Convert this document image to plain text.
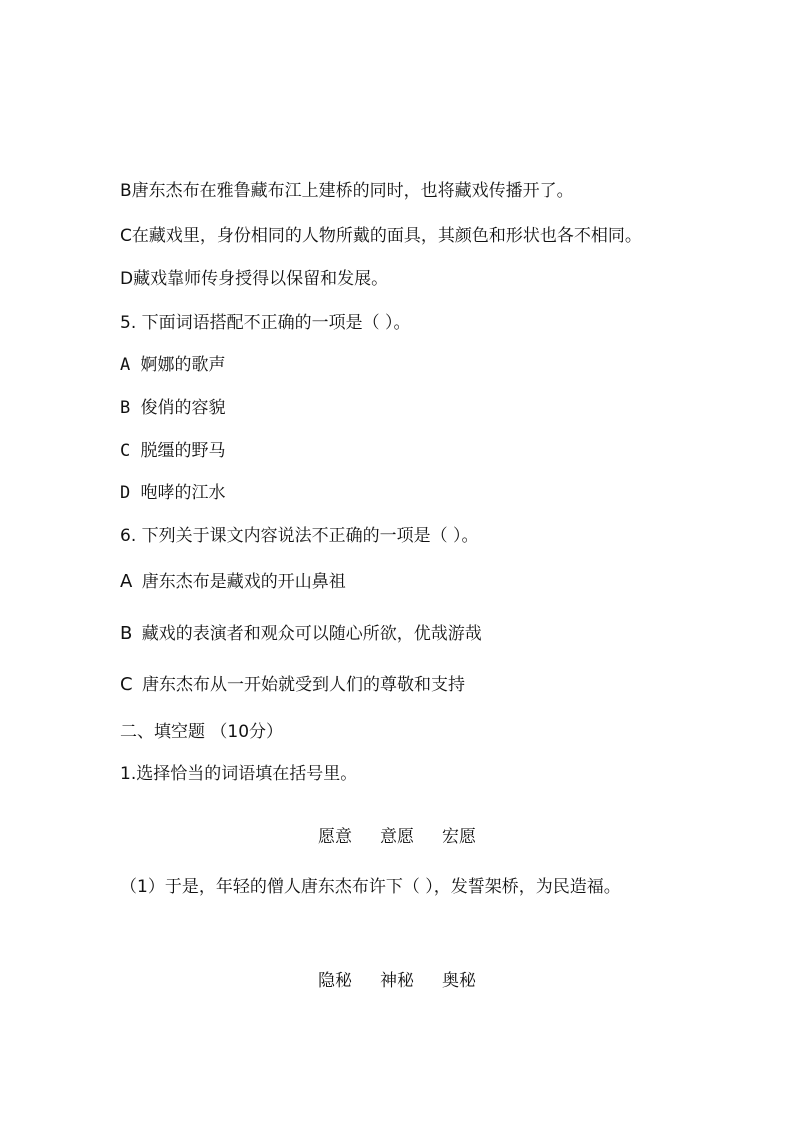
B唐东杰布在雅鲁藏布江上建桥的同时，也将藏戏传播开了。
C在藏戏里，身份相同的人物所戴的面具，其颜色和形状也各不相同。
D藏戏靠师传身授得以保留和发展。
5. 下面词语搭配不正确的一项是（ ）。
A 婀娜的歌声
B 俊俏的容貌
C 脱缰的野马
D 咆哮的江水
6. 下列关于课文内容说法不正确的一项是（ ）。
A 唐东杰布是藏戏的开山鼻祖
B 藏戏的表演者和观众可以随心所欲，优哉游哉
C 唐东杰布从一开始就受到人们的尊敬和支持
二、填空题 （10分）
1.选择恰当的词语填在括号里。
愿意 意愿 宏愿
（1）于是，年轻的僧人唐东杰布许下（ ），发誓架桥，为民造福。
隐秘 神秘 奥秘
